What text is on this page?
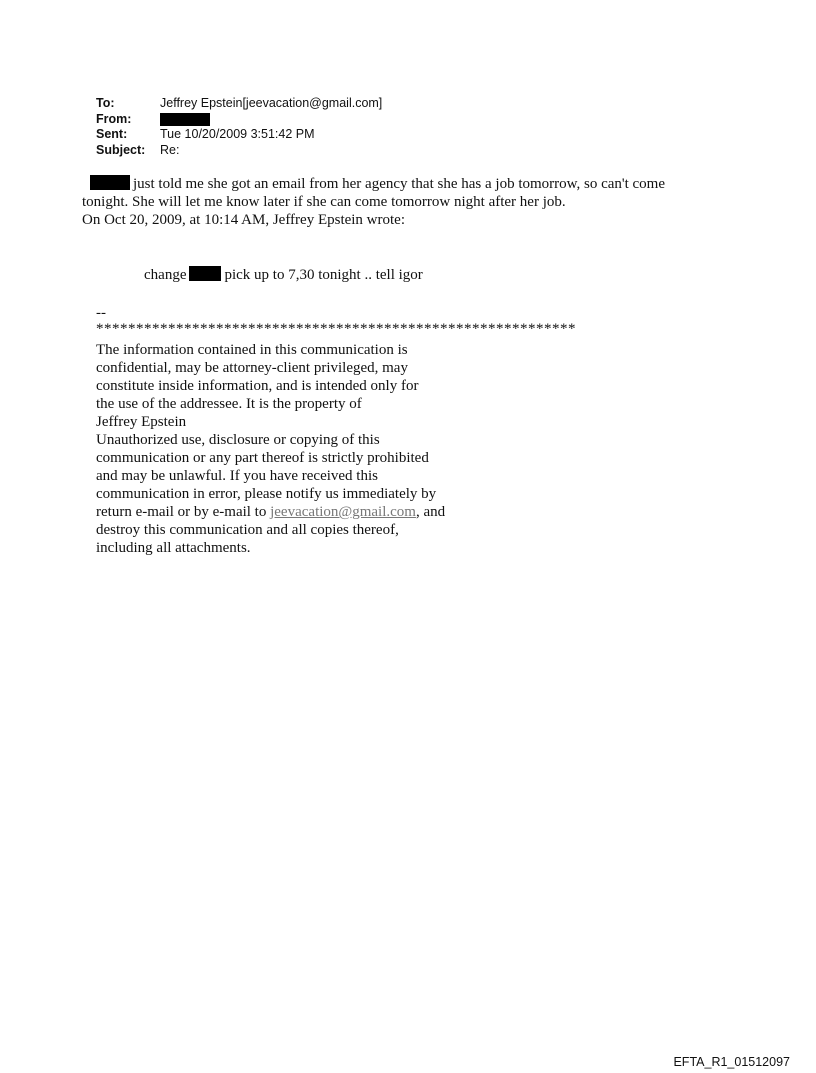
To:	Jeffrey Epstein[jeevacation@gmail.com]
From:
Sent:	Tue 10/20/2009 3:51:42 PM
Subject:	Re:
just told me she got an email from her agency that she has a job tomorrow, so can't come
tonight. She will let me know later if she can come tomorrow night after her job.
On Oct 20, 2009, at 10:14 AM, Jeffrey Epstein wrote:
change	pick up to 7,30 tonight .. tell igor
--
************************************************************
The information contained in this communication is
confidential, may be attorney-client privileged, may
constitute inside information, and is intended only for
the use of the addressee. It is the property of
Jeffrey Epstein
Unauthorized use, disclosure or copying of this
communication or any part thereof is strictly prohibited
and may be unlawful. If you have received this
communication in error, please notify us immediately by
return e-mail or by e-mail to jeevacation@gmail.com, and
destroy this communication and all copies thereof,
including all attachments.
EFTA_R1_01512097
